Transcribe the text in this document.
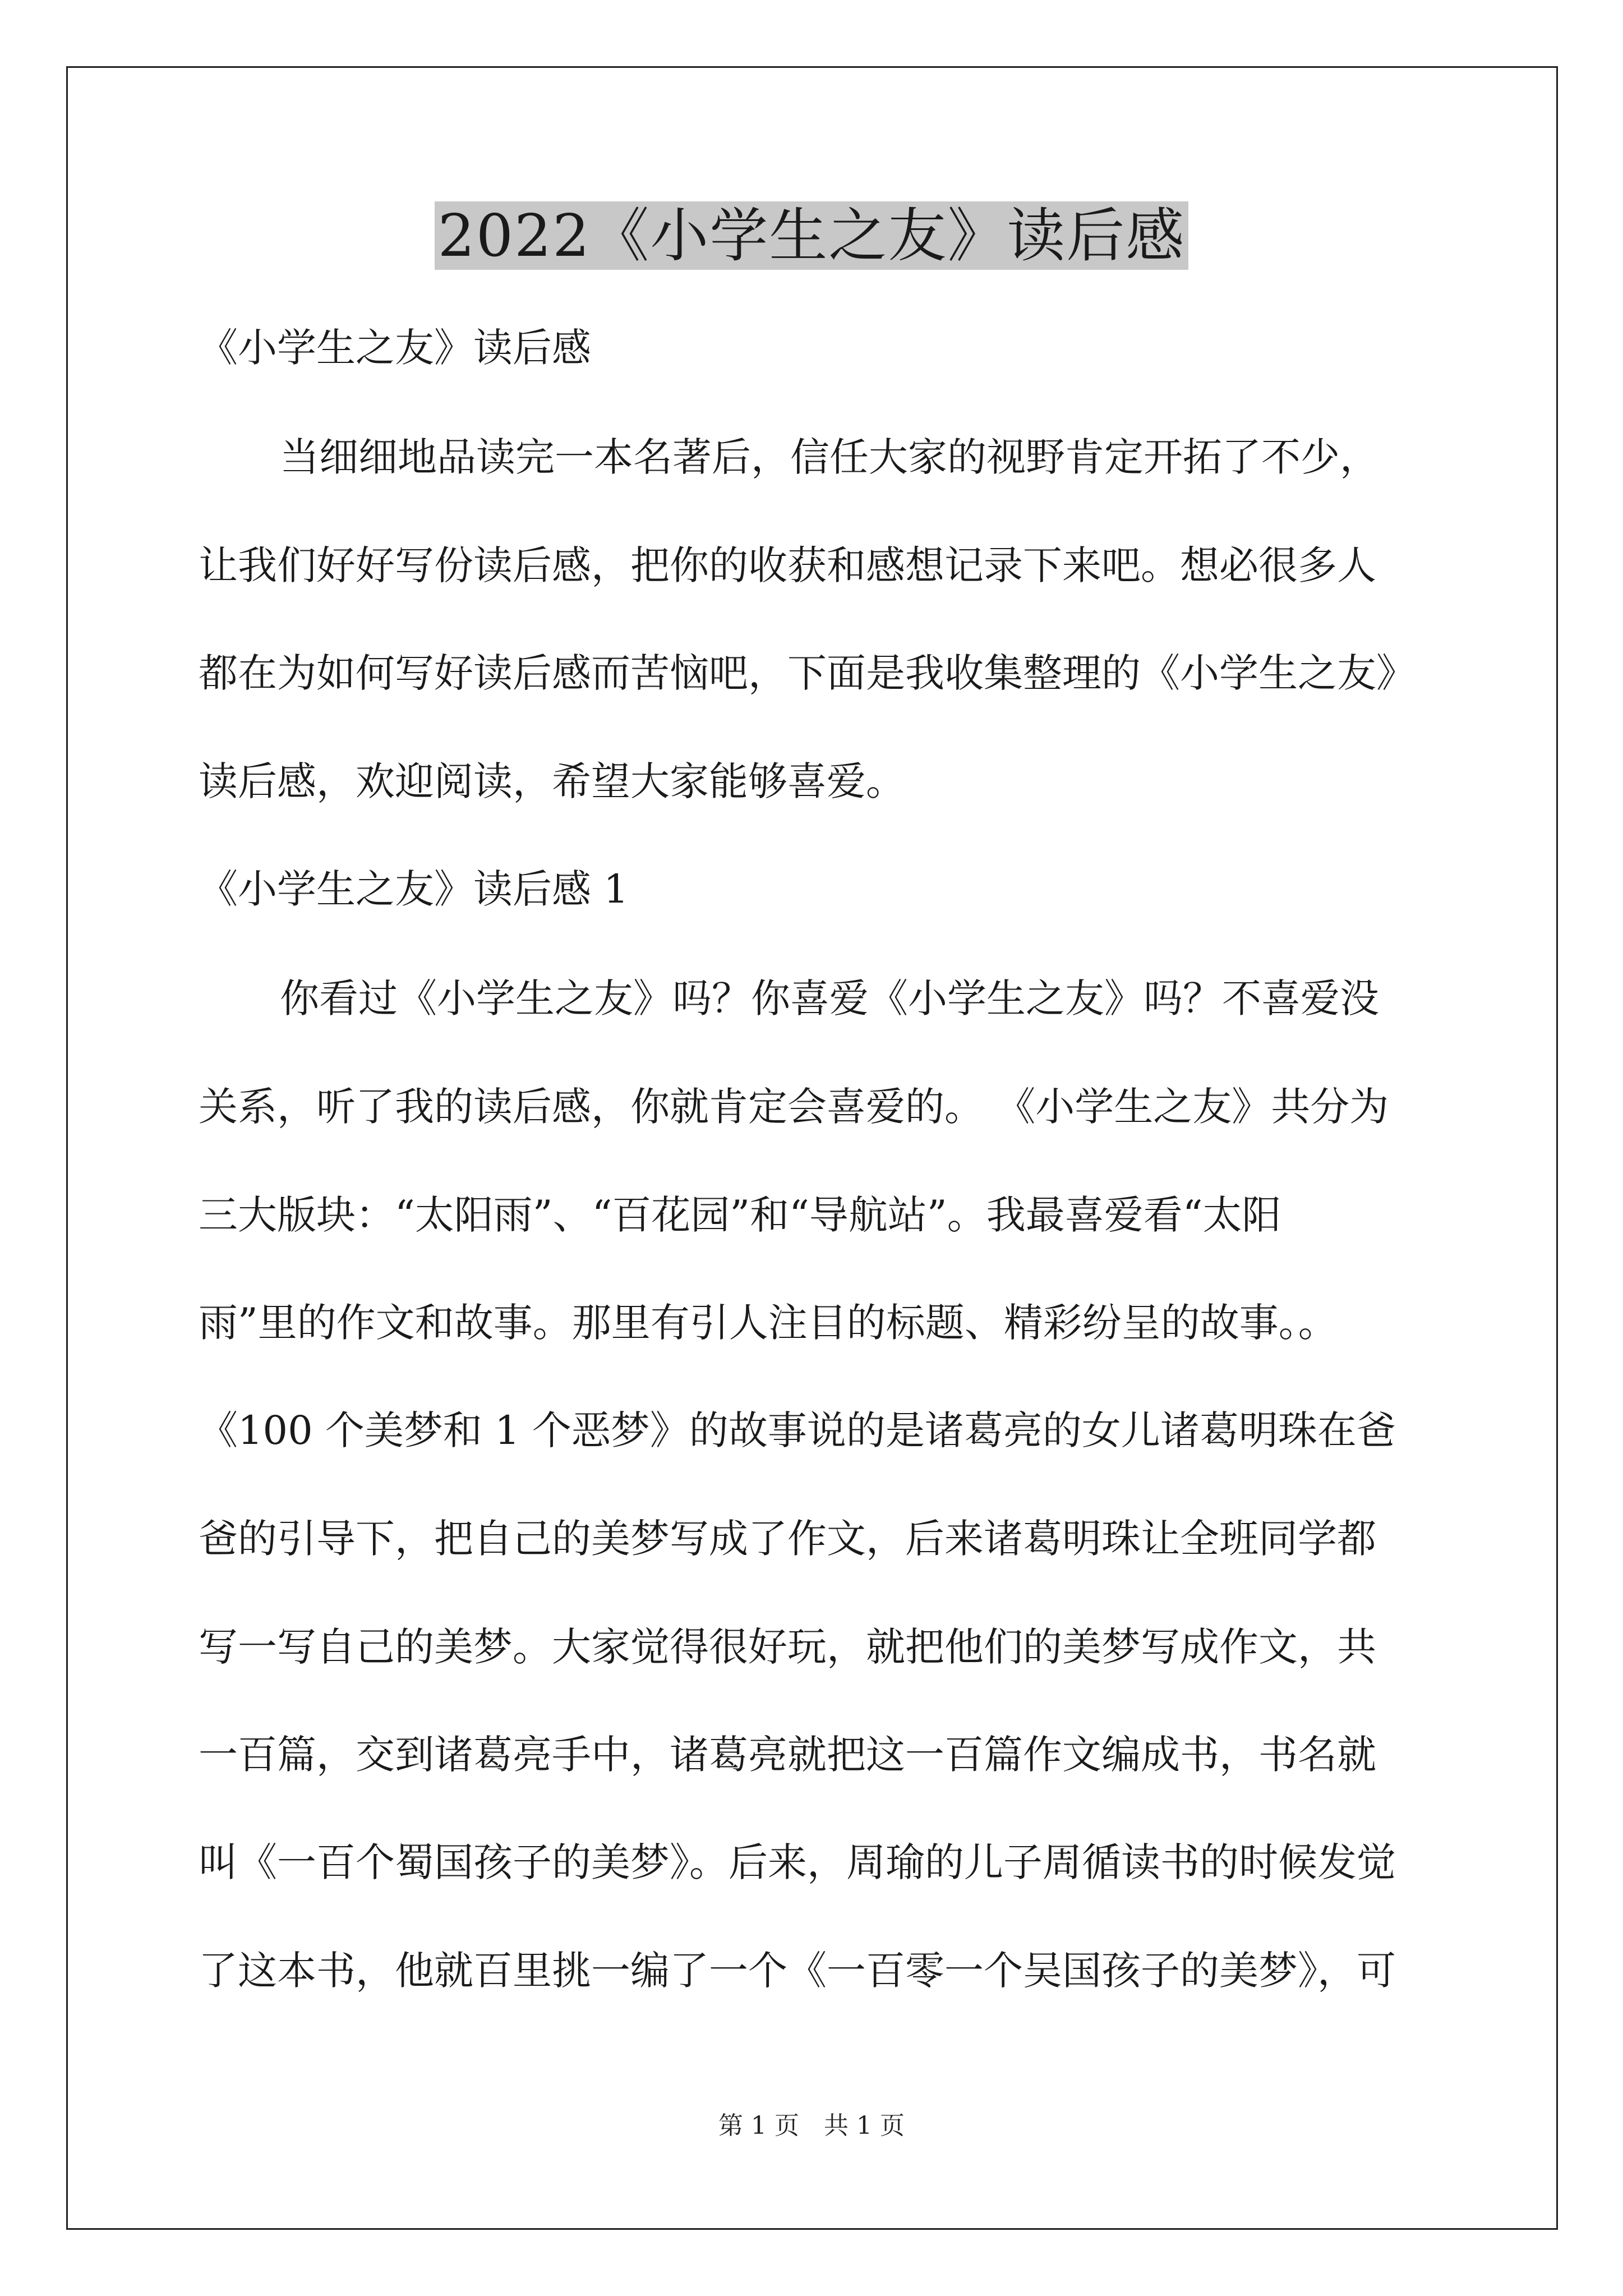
2022《小学生之友》读后感
《小学生之友》读后感
当细细地品读完一本名著后，信任大家的视野肯定开拓了不少，
让我们好好写份读后感，把你的收获和感想记录下来吧。想必很多人
都在为如何写好读后感而苦恼吧，下面是我收集整理的《小学生之友》
读后感，欢迎阅读，希望大家能够喜爱。
《小学生之友》读后感 1
你看过《小学生之友》吗？你喜爱《小学生之友》吗？不喜爱没
关系，听了我的读后感，你就肯定会喜爱的。 《小学生之友》共分为
三大版块：“太阳雨”、“百花园”和“导航站”。我最喜爱看“太阳
雨”里的作文和故事。那里有引人注目的标题、精彩纷呈的故事。。
《100 个美梦和 1 个恶梦》的故事说的是诸葛亮的女儿诸葛明珠在爸
爸的引导下，把自己的美梦写成了作文，后来诸葛明珠让全班同学都
写一写自己的美梦。大家觉得很好玩，就把他们的美梦写成作文，共
一百篇，交到诸葛亮手中，诸葛亮就把这一百篇作文编成书，书名就
叫《一百个蜀国孩子的美梦》。后来，周瑜的儿子周循读书的时候发觉
了这本书，他就百里挑一编了一个《一百零一个吴国孩子的美梦》，可
第 1 页　共 1 页
